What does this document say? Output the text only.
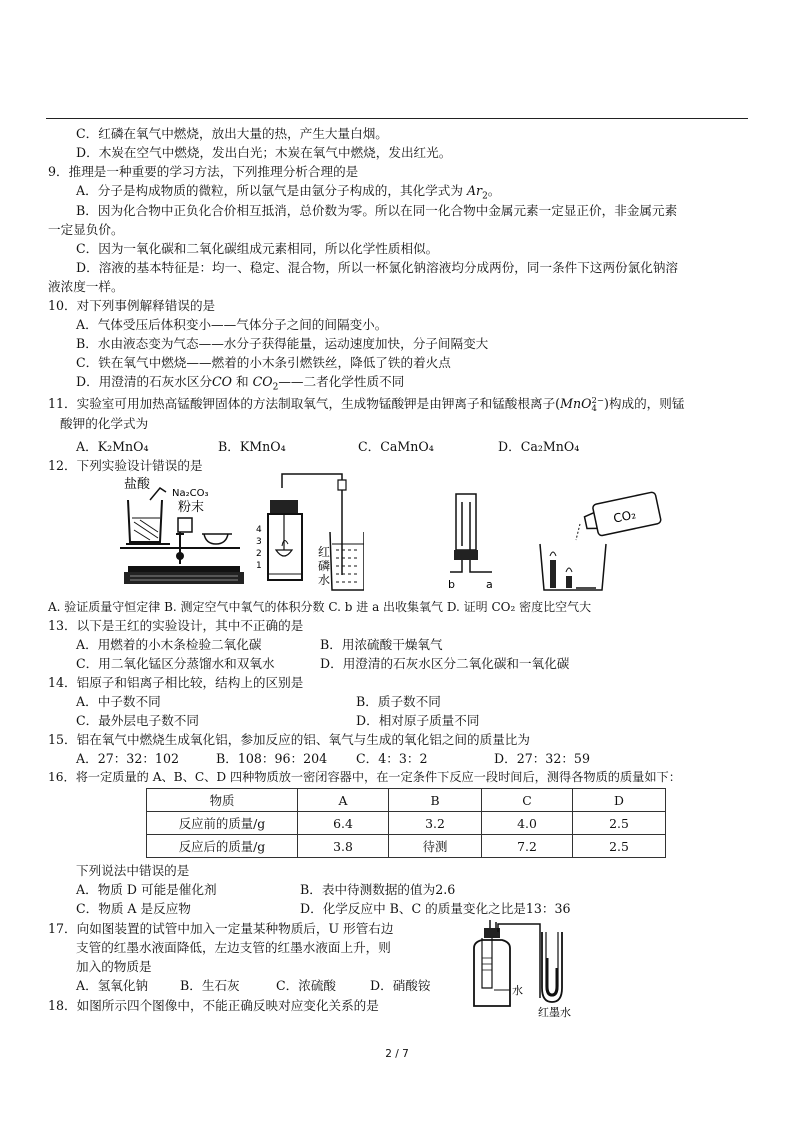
C．红磷在氧气中燃烧，放出大量的热，产生大量白烟。
D．木炭在空气中燃烧，发出白光；木炭在氧气中燃烧，发出红光。
9．推理是一种重要的学习方法，下列推理分析合理的是
A．分子是构成物质的微粒，所以氩气是由氩分子构成的，其化学式为 $Ar_2$。
B．因为化合物中正负化合价相互抵消，总价数为零。所以在同一化合物中金属元素一定显正价，非金属元素
一定显负价。
C．因为一氧化碳和二氧化碳组成元素相同，所以化学性质相似。
D．溶液的基本特征是：均一、稳定、混合物，所以一杯氯化钠溶液均分成两份，同一条件下这两份氯化钠溶
液浓度一样。
10．对下列事例解释错误的是
A．气体受压后体积变小——气体分子之间的间隔变小。
B．水由液态变为气态——水分子获得能量，运动速度加快，分子间隔变大
C．铁在氧气中燃烧——燃着的小木条引燃铁丝，降低了铁的着火点
D．用澄清的石灰水区分CO 和 $CO_2——$二者化学性质不同
11．实验室可用加热高锰酸钾固体的方法制取氧气，生成物锰酸钾是由钾离子和锰酸根离子(MnO 2−
4 )构成的，则锰
酸钾的化学式为
A．K₂MnO₄	B．KMnO₄	C．CaMnO₄	D．Ca₂MnO₄
12．下列实验设计错误的是
盐酸
Na₂CO₃
粉末
4
3
2
1
红
磷
水	b	a
CO₂
A. 验证质量守恒定律 B. 测定空气中氧气的体积分数 C. b 进 a 出收集氧气 D. 证明 CO₂ 密度比空气大
13．以下是王红的实验设计，其中不正确的是
A．用燃着的小木条检验二氧化碳	B．用浓硫酸干燥氧气
C．用二氧化锰区分蒸馏水和双氧水	D．用澄清的石灰水区分二氧化碳和一氧化碳
14．铝原子和铝离子相比较，结构上的区别是
A．中子数不同	B．质子数不同
C．最外层电子数不同	D．相对原子质量不同
15．铝在氧气中燃烧生成氧化铝，参加反应的铝、氧气与生成的氧化铝之间的质量比为
A．27：32：102	B．108：96：204 C．4：3：2	D．27：32：59
16．将一定质量的 A、B、C、D 四种物质放一密闭容器中，在一定条件下反应一段时间后，测得各物质的质量如下：
物质	A	B	C	D
反应前的质量/g	6.4	3.2	4.0	2.5
反应后的质量/g	3.8	待测	7.2	2.5
下列说法中错误的是
A．物质 D 可能是催化剂	B．表中待测数据的值为2.6
C．物质 A 是反应物	D．化学反应中 B、C 的质量变化之比是13：36
17．向如图装置的试管中加入一定量某种物质后，U 形管右边
支管的红墨水液面降低，左边支管的红墨水液面上升，则
加入的物质是
A．氢氧化钠	B．生石灰	C．浓硫酸	D．硝酸铵	水
红墨水
18．如图所示四个图像中，不能正确反映对应变化关系的是
2 / 7
